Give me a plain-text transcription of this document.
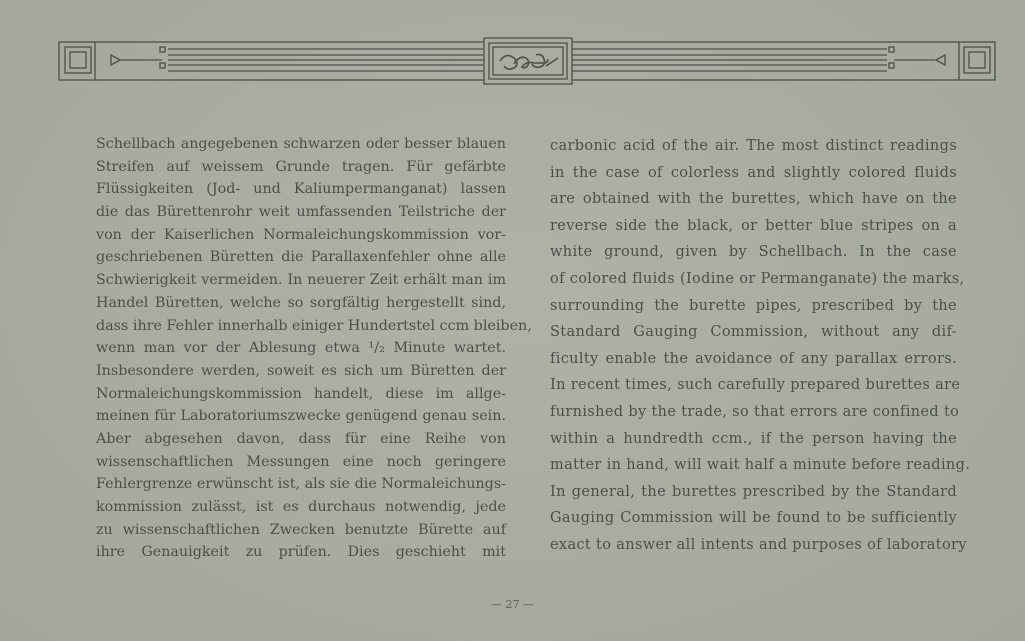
Schellbach angegebenen schwarzen oder besser blauen
Streifen auf weissem Grunde tragen. Für gefärbte
Flüssigkeiten (Jod- und Kaliumpermanganat) lassen
die das Bürettenrohr weit umfassenden Teilstriche der
von der Kaiserlichen Normaleichungskommission vor-
geschriebenen Büretten die Parallaxenfehler ohne alle
Schwierigkeit vermeiden. In neuerer Zeit erhält man im
Handel Büretten, welche so sorgfältig hergestellt sind,
dass ihre Fehler innerhalb einiger Hundertstel ccm bleiben,
wenn man vor der Ablesung etwa ¹/₂ Minute wartet.
Insbesondere werden, soweit es sich um Büretten der
Normaleichungskommission handelt, diese im allge-
meinen für Laboratoriumszwecke genügend genau sein.
Aber abgesehen davon, dass für eine Reihe von
wissenschaftlichen Messungen eine noch geringere
Fehlergrenze erwünscht ist, als sie die Normaleichungs-
kommission zulässt, ist es durchaus notwendig, jede
zu wissenschaftlichen Zwecken benutzte Bürette auf
ihre Genauigkeit zu prüfen. Dies geschieht mit
carbonic acid of the air. The most distinct readings
in the case of colorless and slightly colored fluids
are obtained with the burettes, which have on the
reverse side the black, or better blue stripes on a
white ground, given by Schellbach. In the case
of colored fluids (Iodine or Permanganate) the marks,
surrounding the burette pipes, prescribed by the
Standard Gauging Commission, without any dif-
ficulty enable the avoidance of any parallax errors.
In recent times, such carefully prepared burettes are
furnished by the trade, so that errors are confined to
within a hundredth ccm., if the person having the
matter in hand, will wait half a minute before reading.
In general, the burettes prescribed by the Standard
Gauging Commission will be found to be sufficiently
exact to answer all intents and purposes of laboratory
— 27 —
